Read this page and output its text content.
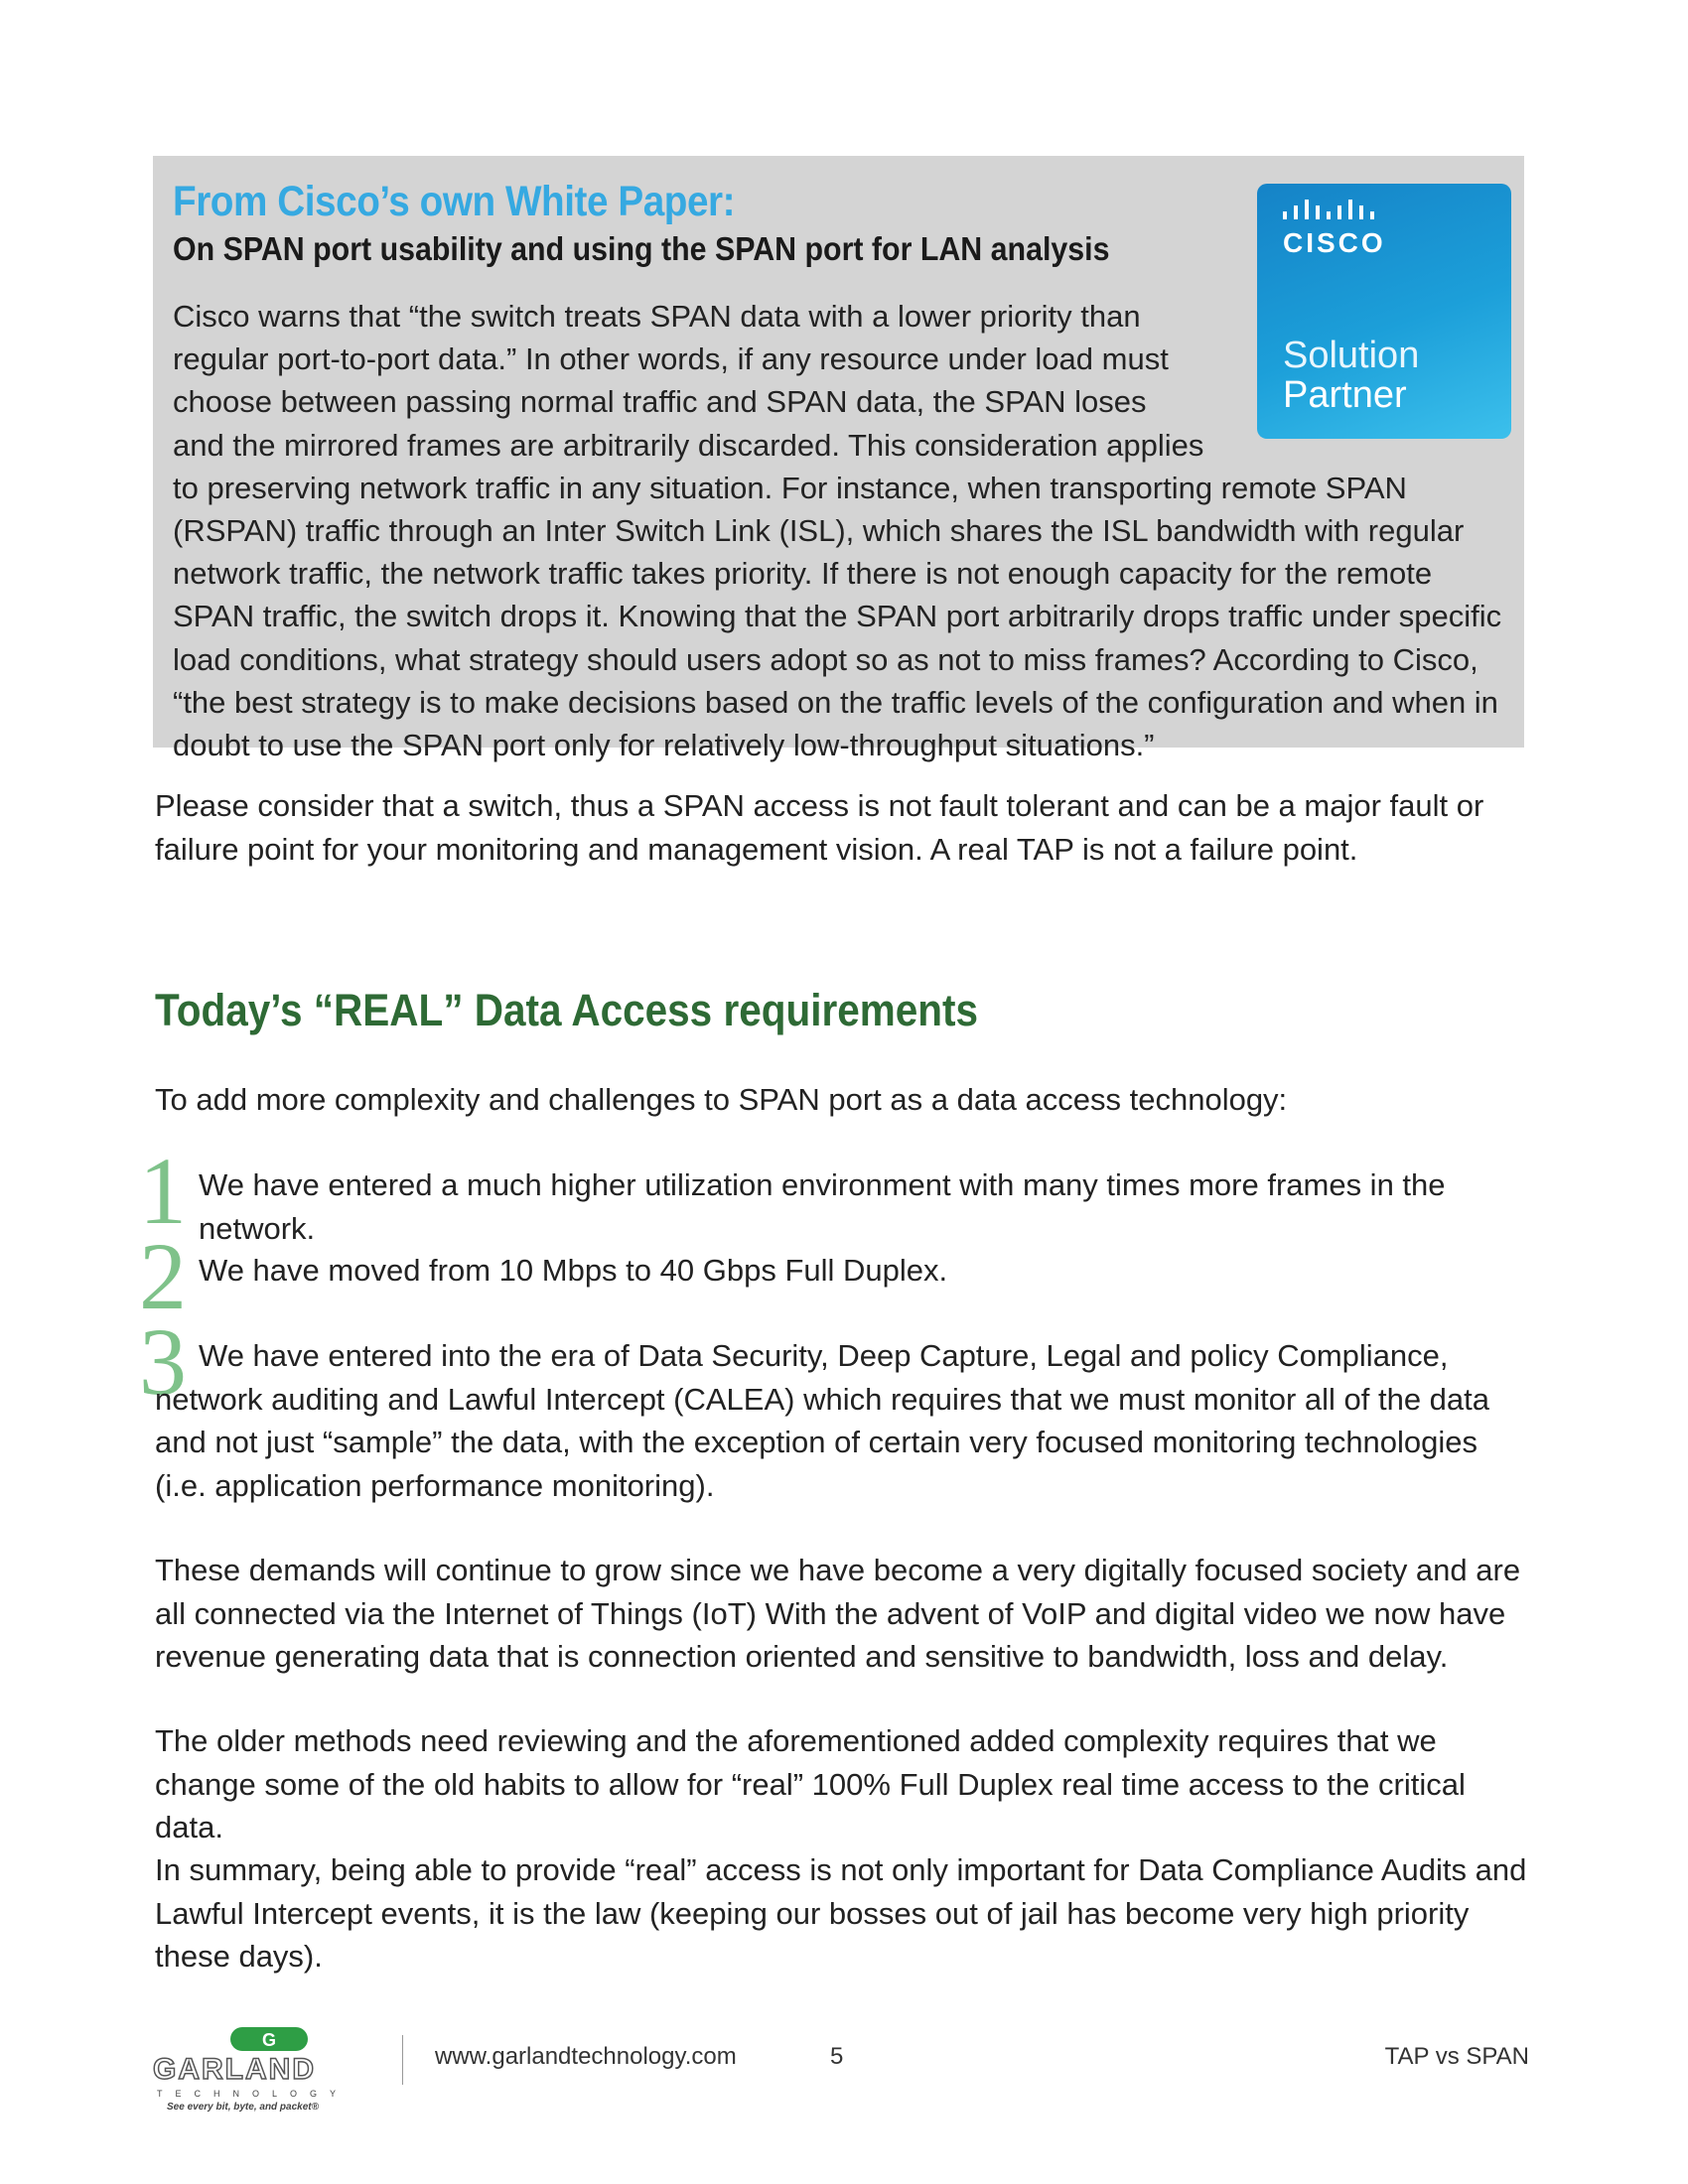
From Cisco’s own White Paper:
On SPAN port usability and using the SPAN port for LAN analysis	CISCO
Solution
Partner
Cisco warns that “the switch treats SPAN data with a lower priority than regular port-to-port data.” In other words, if any resource under load must choose between passing normal traffic and SPAN data, the SPAN loses and the mirrored frames are arbitrarily discarded. This consideration applies to preserving network traffic in any situation. For instance, when transporting remote SPAN (RSPAN) traffic through an Inter Switch Link (ISL), which shares the ISL bandwidth with regular network traffic, the network traffic takes priority. If there is not enough capacity for the remote SPAN traffic, the switch drops it. Knowing that the SPAN port arbitrarily drops traffic under specific load conditions, what strategy should users adopt so as not to miss frames? According to Cisco, “the best strategy is to make decisions based on the traffic levels of the configuration and when in doubt to use the SPAN port only for relatively low-throughput situations.”
Please consider that a switch, thus a SPAN access is not fault tolerant and can be a major fault or failure point for your monitoring and management vision. A real TAP is not a failure point.
Today’s “REAL” Data Access requirements
To add more complexity and challenges to SPAN port as a data access technology:
1 We have entered a much higher utilization environment with many times more frames in the network.
2 We have moved from 10 Mbps to 40 Gbps Full Duplex.
3 We have entered into the era of Data Security, Deep Capture, Legal and policy Compliance, network auditing and Lawful Intercept (CALEA) which requires that we must monitor all of the data and not just “sample” the data, with the exception of certain very focused monitoring technologies (i.e. application performance monitoring).
These demands will continue to grow since we have become a very digitally focused society and are all connected via the Internet of Things (IoT) With the advent of VoIP and digital video we now have revenue generating data that is connection oriented and sensitive to bandwidth, loss and delay.
The older methods need reviewing and the aforementioned added complexity requires that we change some of the old habits to allow for “real” 100% Full Duplex real time access to the critical data.
In summary, being able to provide “real” access is not only important for Data Compliance Audits and Lawful Intercept events, it is the law (keeping our bosses out of jail has become very high priority these days).
G
GARLAND
TECHNOLOGY
See every bit, byte, and packet®
www.garlandtechnology.com	5	TAP vs SPAN
